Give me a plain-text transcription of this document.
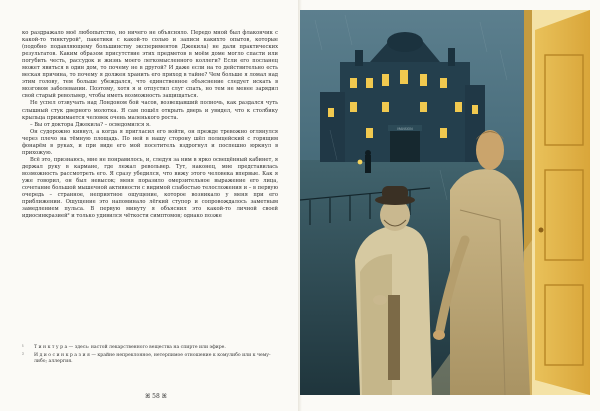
ко раздражало моё любопытство, но ничего не объясняло. Передо мной был флакончик с какой-то тинктурой¹, пакетики с какой-то солью и записи какихто опытов, которые (подобно подавляющему большинству экспериментов Джекила) не дали практических результатов. Каким образом присутствие этих предметов в моём доме могло спасти или погубить честь, рассудок и жизнь моего легкомысленного коллеги? Если его посланец может явиться в один дом, то почему не в другой? И даже если на то действительно есть веская причина, то почему я должен хранить его приход в тайне? Чем больше я ломал над этим голову, тем больше убеждался, что единственное объяснение следует искать в мозговом заболевании. Поэтому, хотя я и отпустил слуг спать, но тем не менее зарядил свой старый револьвер, чтобы иметь возможность защищаться.

Не успел отзвучать над Лондоном бой часов, возвещавший полночь, как раздался чуть слышный стук дверного молотка. Я сам пошёл открыть дверь и увидел, что к столбику крыльца прижимается человек очень маленького роста.

– Вы от доктора Джекила? – осведомился я.

Он судорожно кивнул, а когда я пригласил его войти, он прежде тревожно оглянулся через плечо на тёмную площадь. По ней в нашу сторону шёл полицейский с горящим фонарём в руках, и при виде его мой посетитель вздрогнул и поспешно юркнул в прихожую.

Всё это, признаюсь, мне не понравилось, и, следуя за ним в ярко освещённый кабинет, я держал руку в кармане, где лежал револьвер. Тут, наконец, мне представилась возможность рассмотреть его. Я сразу убедился, что вижу этого человека впервые. Как я уже говорил, он был невысок; меня поразило омерзительное выражение его лица, сочетание большой мышечной активности с видимой слабостью телосложения и – в первую очередь – странное, неприятное ощущение, которое возникало у меня при его приближении. Ощущение это напоминало лёгкий ступор и сопровождалось заметным замедлением пульса. В первую минуту я объяснил это какой-то личной своей идиосинкразией² и только удивился чёткости симптомов; однако позже

¹ Т и н к т у р а — здесь: настой лекарственного вещества на спирте или эфире.
² И д и о с и н к р а з и я — крайне непреклонное, нетерпимое отношение к комулибо или к чему-либо; аллергия.
ꕤ 58 ꕤ
MANSION
